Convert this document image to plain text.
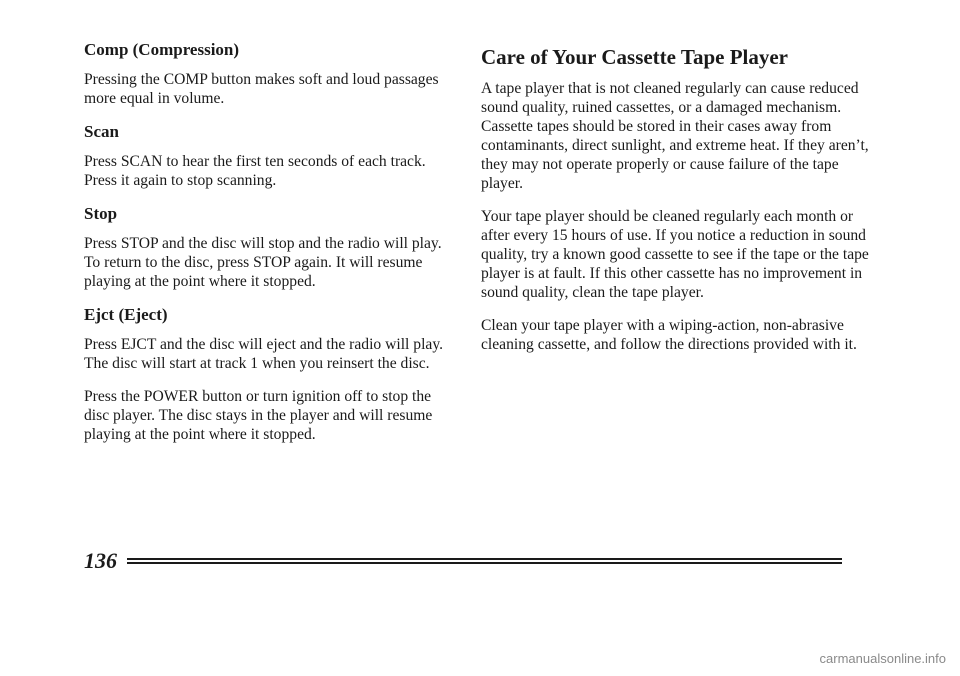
Comp (Compression)

Pressing the COMP button makes soft and loud passages more equal in volume.

Scan

Press SCAN to hear the first ten seconds of each track. Press it again to stop scanning.

Stop

Press STOP and the disc will stop and the radio will play. To return to the disc, press STOP again. It will resume playing at the point where it stopped.

Ejct (Eject)

Press EJCT and the disc will eject and the radio will play. The disc will start at track 1 when you reinsert the disc.

Press the POWER button or turn ignition off to stop the disc player. The disc stays in the player and will resume playing at the point where it stopped.

Care of Your Cassette Tape Player

A tape player that is not cleaned regularly can cause reduced sound quality, ruined cassettes, or a damaged mechanism. Cassette tapes should be stored in their cases away from contaminants, direct sunlight, and extreme heat. If they aren’t, they may not operate properly or cause failure of the tape player.

Your tape player should be cleaned regularly each month or after every 15 hours of use. If you notice a reduction in sound quality, try a known good cassette to see if the tape or the tape player is at fault. If this other cassette has no improvement in sound quality, clean the tape player.

Clean your tape player with a wiping-action, non-abrasive cleaning cassette, and follow the directions provided with it.

136
carmanualsonline.info
